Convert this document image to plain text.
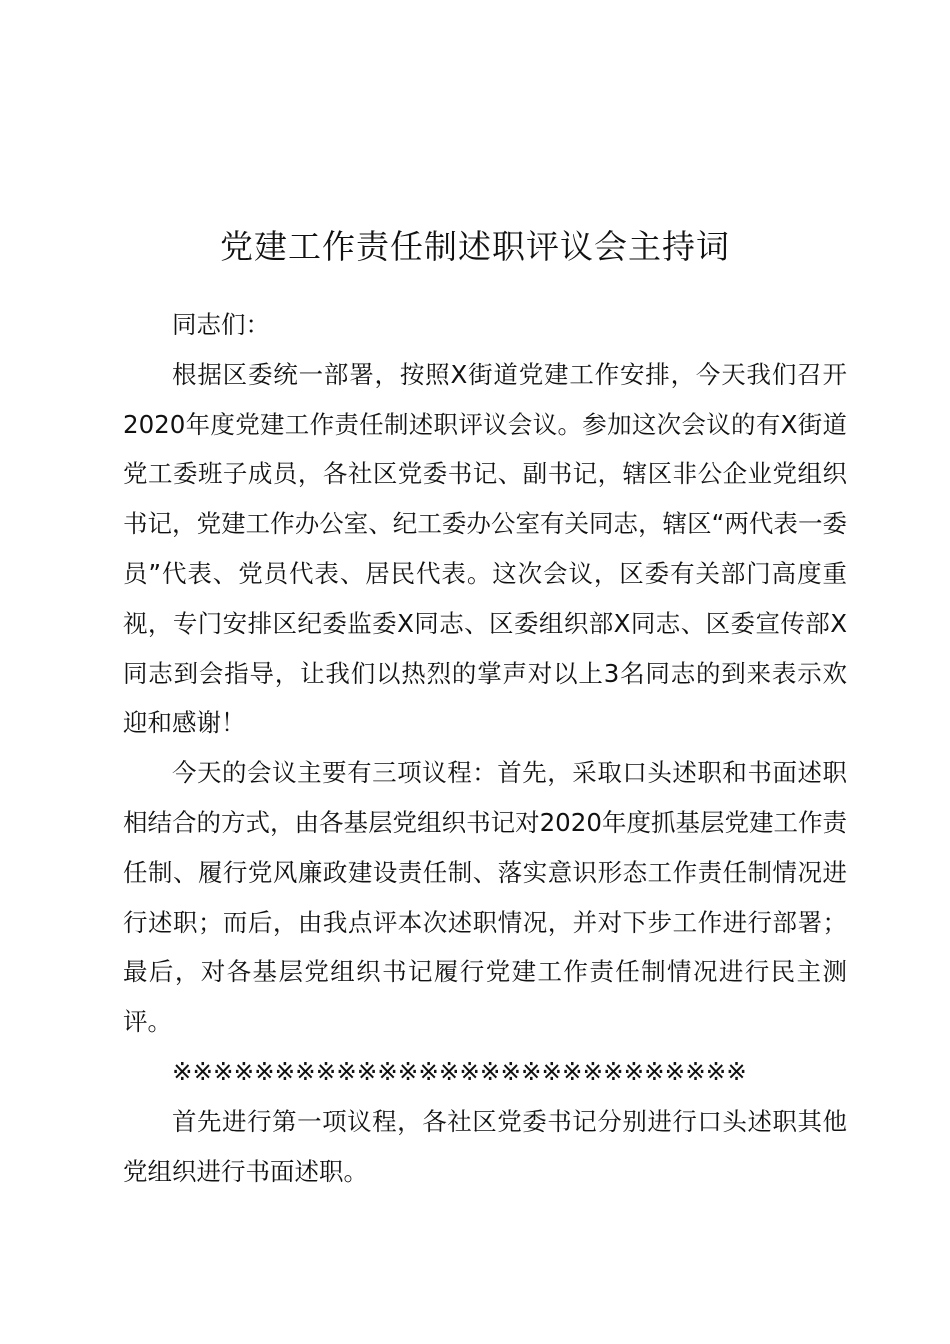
党建工作责任制述职评议会主持词

同志们：

根据区委统一部署，按照X街道党建工作安排，今天我们召开2020年度党建工作责任制述职评议会议。参加这次会议的有X街道党工委班子成员，各社区党委书记、副书记，辖区非公企业党组织书记，党建工作办公室、纪工委办公室有关同志，辖区“两代表一委员”代表、党员代表、居民代表。这次会议，区委有关部门高度重视，专门安排区纪委监委X同志、区委组织部X同志、区委宣传部X同志到会指导，让我们以热烈的掌声对以上3名同志的到来表示欢迎和感谢！

今天的会议主要有三项议程：首先，采取口头述职和书面述职相结合的方式，由各基层党组织书记对2020年度抓基层党建工作责任制、履行党风廉政建设责任制、落实意识形态工作责任制情况进行述职；而后，由我点评本次述职情况，并对下步工作进行部署；最后，对各基层党组织书记履行党建工作责任制情况进行民主测评。

※※※※※※※※※※※※※※※※※※※※※※※※※※※※

首先进行第一项议程，各社区党委书记分别进行口头述职其他党组织进行书面述职。
